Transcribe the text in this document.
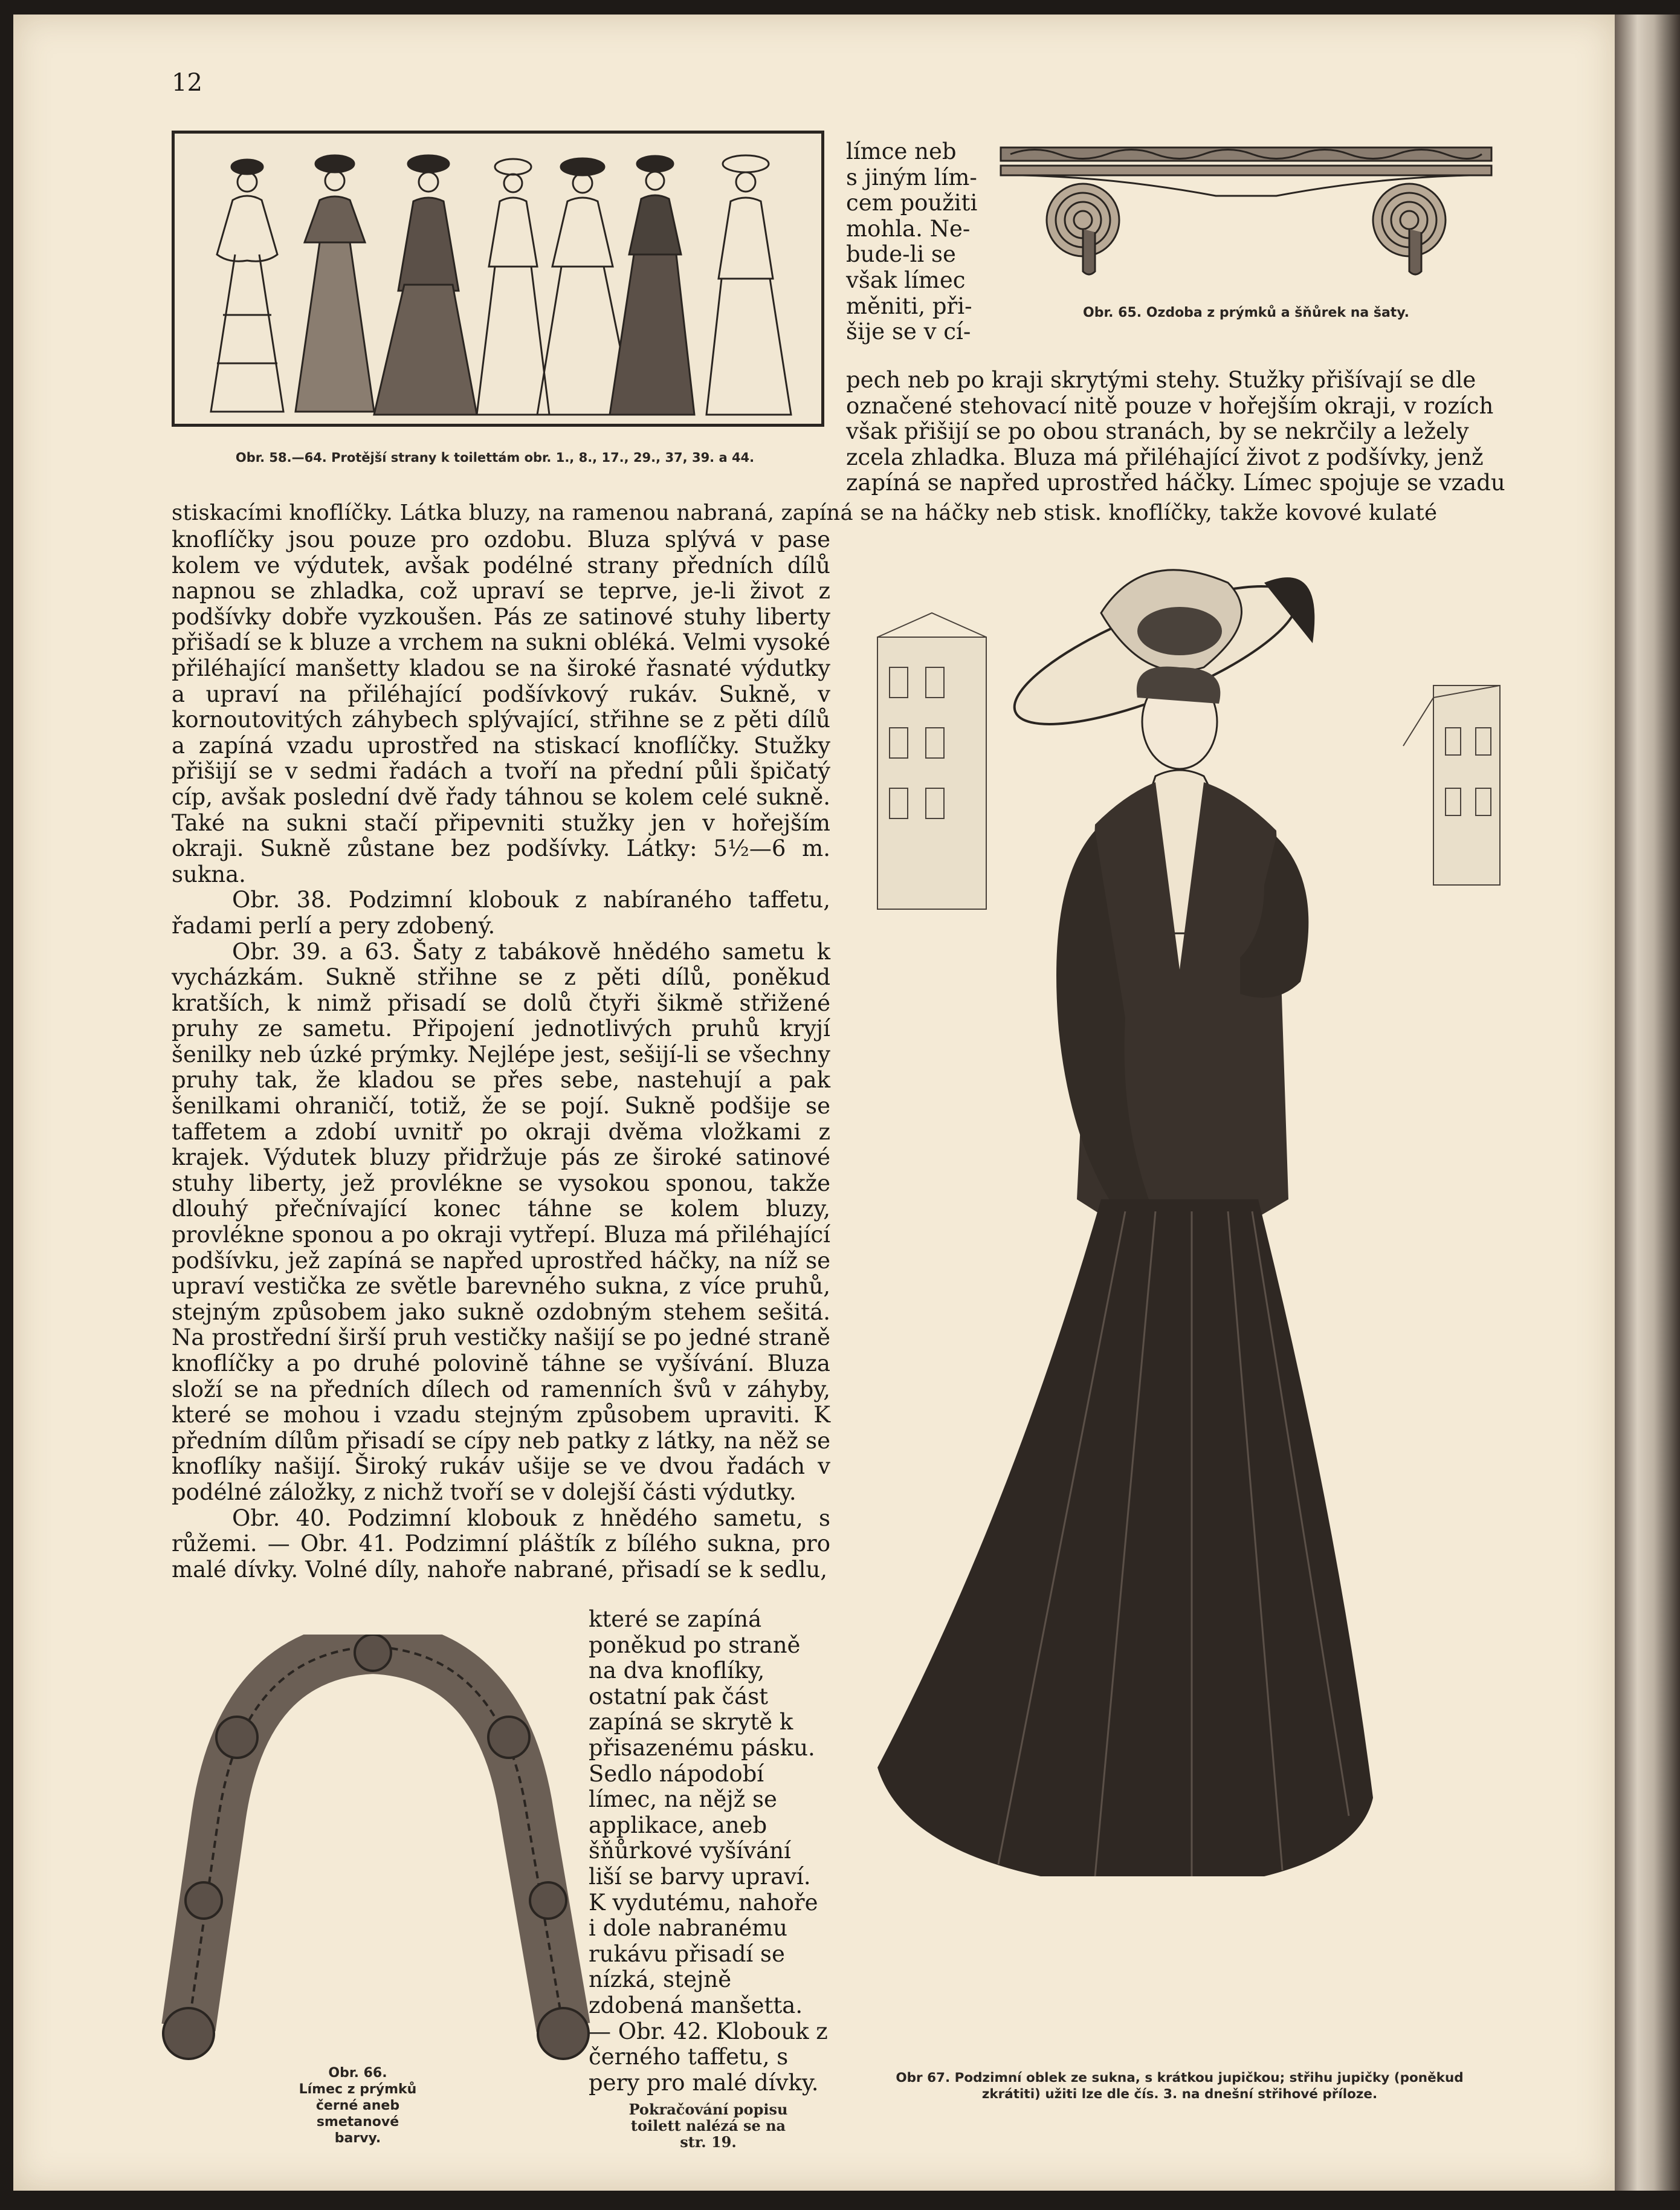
12
Obr. 58.—64. Protější strany k toilettám obr. 1., 8., 17., 29., 37, 39. a 44.
límce neb
s jiným lím-
cem použiti
mohla. Ne-
bude-li se
však límec
měniti, při-
šije se v cí-
Obr. 65. Ozdoba z prýmků a šňůrek na šaty.
pech neb po kraji skrytými stehy. Stužky přišívají se dle
označené stehovací nitě pouze v hořejším okraji, v rozích
však přišijí se po obou stranách, by se nekrčily a ležely
zcela zhladka. Bluza má přiléhající život z podšívky, jenž
zapíná se napřed uprostřed háčky. Límec spojuje se vzadu
stiskacími knoflíčky. Látka bluzy, na ramenou nabraná, zapíná se na háčky neb stisk. knoflíčky, takže kovové kulaté

knoflíčky jsou pouze pro ozdobu. Bluza splývá v pase kolem ve výdutek, avšak podélné strany předních dílů napnou se zhladka, což upraví se teprve, je-li život z podšívky dobře vyzkoušen. Pás ze satinové stuhy liberty přišadí se k bluze a vrchem na sukni obléká. Velmi vysoké přiléhající manšetty kladou se na široké řasnaté výdutky a upraví na přiléhající podšívkový rukáv. Sukně, v kornoutovitých záhybech splývající, střihne se z pěti dílů a zapíná vzadu uprostřed na stiskací knoflíčky. Stužky přišijí se v sedmi řadách a tvoří na přední půli špičatý cíp, avšak poslední dvě řady táhnou se kolem celé sukně. Také na sukni stačí připevniti stužky jen v hořejším okraji. Sukně zůstane bez podšívky. Látky: 5½—6 m. sukna.

Obr. 38. Podzimní klobouk z nabíraného taffetu, řadami perlí a pery zdobený.

Obr. 39. a 63. Šaty z tabákově hnědého sametu k vycházkám. Sukně střihne se z pěti dílů, poněkud kratších, k nimž přisadí se dolů čtyři šikmě střižené pruhy ze sametu. Připojení jednotlivých pruhů kryjí šenilky neb úzké prýmky. Nejlépe jest, sešijí-li se všechny pruhy tak, že kladou se přes sebe, nastehují a pak šenilkami ohraničí, totiž, že se pojí. Sukně podšije se taffetem a zdobí uvnitř po okraji dvěma vložkami z krajek. Výdutek bluzy přidržuje pás ze široké satinové stuhy liberty, jež provlékne se vysokou sponou, takže dlouhý přečnívající konec táhne se kolem bluzy, provlékne sponou a po okraji vytřepí. Bluza má přiléhající podšívku, jež zapíná se napřed uprostřed háčky, na níž se upraví vestička ze světle barevného sukna, z více pruhů, stejným způsobem jako sukně ozdobným stehem sešitá. Na prostřední širší pruh vestičky našijí se po jedné straně knoflíčky a po druhé polovině táhne se vyšívání. Bluza složí se na předních dílech od ramenních švů v záhyby, které se mohou i vzadu stejným způsobem upraviti. K předním dílům přisadí se cípy neb patky z látky, na něž se knoflíky našijí. Široký rukáv ušije se ve dvou řadách v podélné záložky, z nichž tvoří se v dolejší části výdutky.

Obr. 40. Podzimní klobouk z hnědého sametu, s růžemi. — Obr. 41. Podzimní pláštík z bílého sukna, pro malé dívky. Volné díly, nahoře nabrané, přisadí se k sedlu,

které se zapíná poněkud po straně na dva knoflíky, ostatní pak část zapíná se skrytě k přisazenému pásku. Sedlo nápodobí límec, na nějž se applikace, aneb šňůrkové vyšívání liší se barvy upraví. K vydutému, nahoře i dole nabranému rukávu přisadí se nízká, stejně zdobená manšetta. — Obr. 42. Klobouk z černého taffetu, s pery pro malé dívky.

Obr. 66.
Límec z prýmků
černé aneb
smetanové
barvy.
Pokračování popisu
toilett nalézá se na
str. 19.
Obr 67. Podzimní oblek ze sukna, s krátkou jupičkou; střihu jupičky (poněkud
zkrátiti) užiti lze dle čís. 3. na dnešní střihové příloze.
